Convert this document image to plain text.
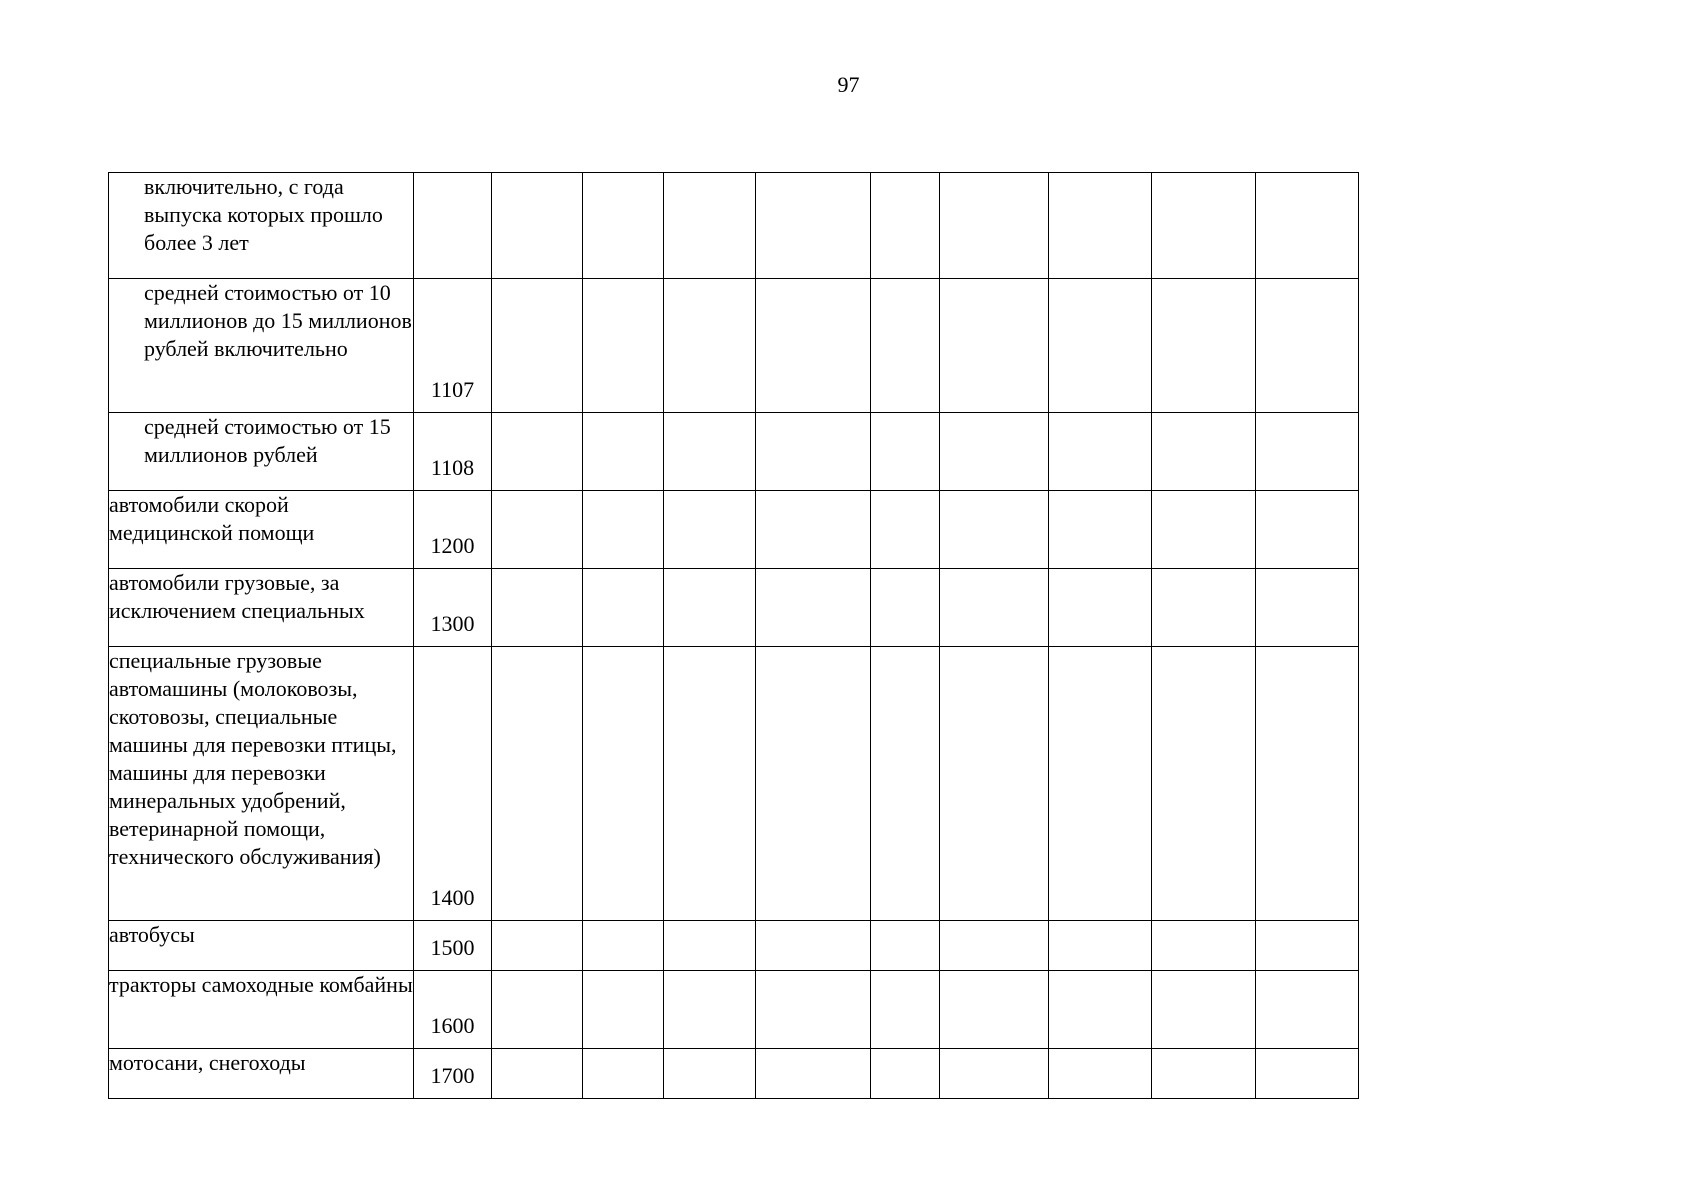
97
включительно, с года выпуска которых прошло более 3 лет										

средней стоимостью от 10 миллионов до 15 миллионов рублей включительно	1107									

средней стоимостью от 15 миллионов рублей	1108									

автомобили скорой медицинской помощи	1200									

автомобили грузовые, за исключением специальных	1300									

специальные грузовые автомашины (молоковозы, скотовозы, специальные машины для перевозки птицы, машины для перевозки минеральных удобрений, ветеринарной помощи, технического обслуживания)	1400									

автобусы	1500									

тракторы самоходные комбайны	1600									

мотосани, снегоходы	1700									
